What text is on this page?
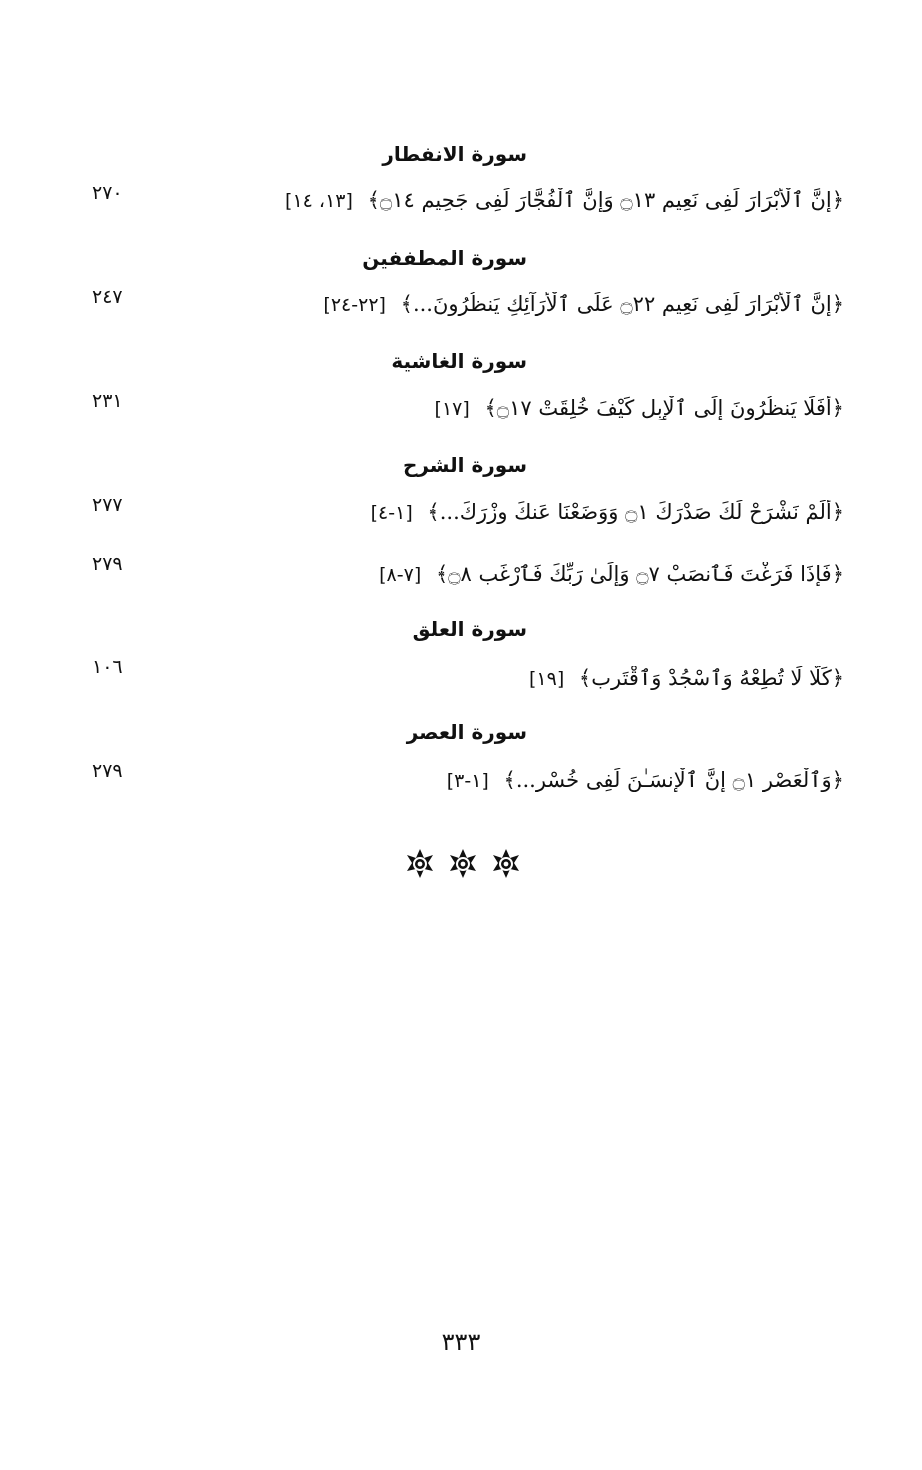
سورة الانفطار
﴿إِنَّ ٱلْأَبْرَارَ لَفِى نَعِيمٍ ۝١٣ وَإِنَّ ٱلْفُجَّارَ لَفِى جَحِيمٍ ۝١٤﴾ [١٣، ١٤]
٢٧٠
سورة المطففين
﴿إِنَّ ٱلْأَبْرَارَ لَفِى نَعِيمٍ ۝٢٢ عَلَى ٱلْأَرَآئِكِ يَنظُرُونَ...﴾ [٢٢-٢٤]
٢٤٧
سورة الغاشية
﴿أَفَلَا يَنظُرُونَ إِلَى ٱلْإِبِلِ كَيْفَ خُلِقَتْ ۝١٧﴾ [١٧]
٢٣١
سورة الشرح
﴿أَلَمْ نَشْرَحْ لَكَ صَدْرَكَ ۝١ وَوَضَعْنَا عَنكَ وِزْرَكَ...﴾ [١-٤]
٢٧٧
﴿فَإِذَا فَرَغْتَ فَٱنصَبْ ۝٧ وَإِلَىٰ رَبِّكَ فَٱرْغَب ۝٨﴾ [٧-٨]
٢٧٩
سورة العلق
﴿كَلَّا لَا تُطِعْهُ وَٱسْجُدْ وَٱقْتَرِب﴾ [١٩]
١٠٦
سورة العصر
﴿وَٱلْعَصْرِ ۝١ إِنَّ ٱلْإِنسَـٰنَ لَفِى خُسْرٍ...﴾ [١-٣]
٢٧٩
٣٣٣
